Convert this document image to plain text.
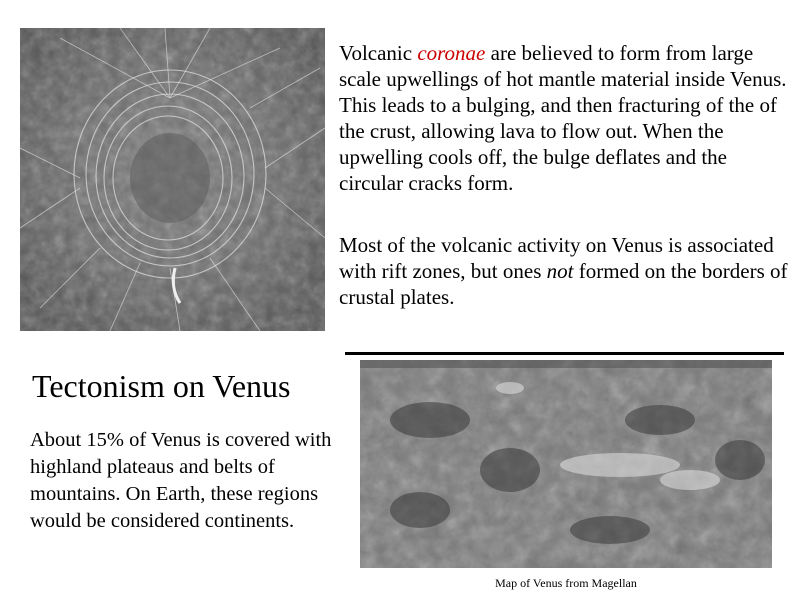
Volcanic coronae are believed to form from large scale upwellings of hot mantle material inside Venus. This leads to a bulging, and then fracturing of the of the crust, allowing lava to flow out. When the upwelling cools off, the bulge deflates and the circular cracks form.
Most of the volcanic activity on Venus is associated with rift zones, but ones not formed on the borders of crustal plates.
Tectonism on Venus
About 15% of Venus is covered with highland plateaus and belts of mountains. On Earth, these regions would be considered continents.
Map of Venus from Magellan
